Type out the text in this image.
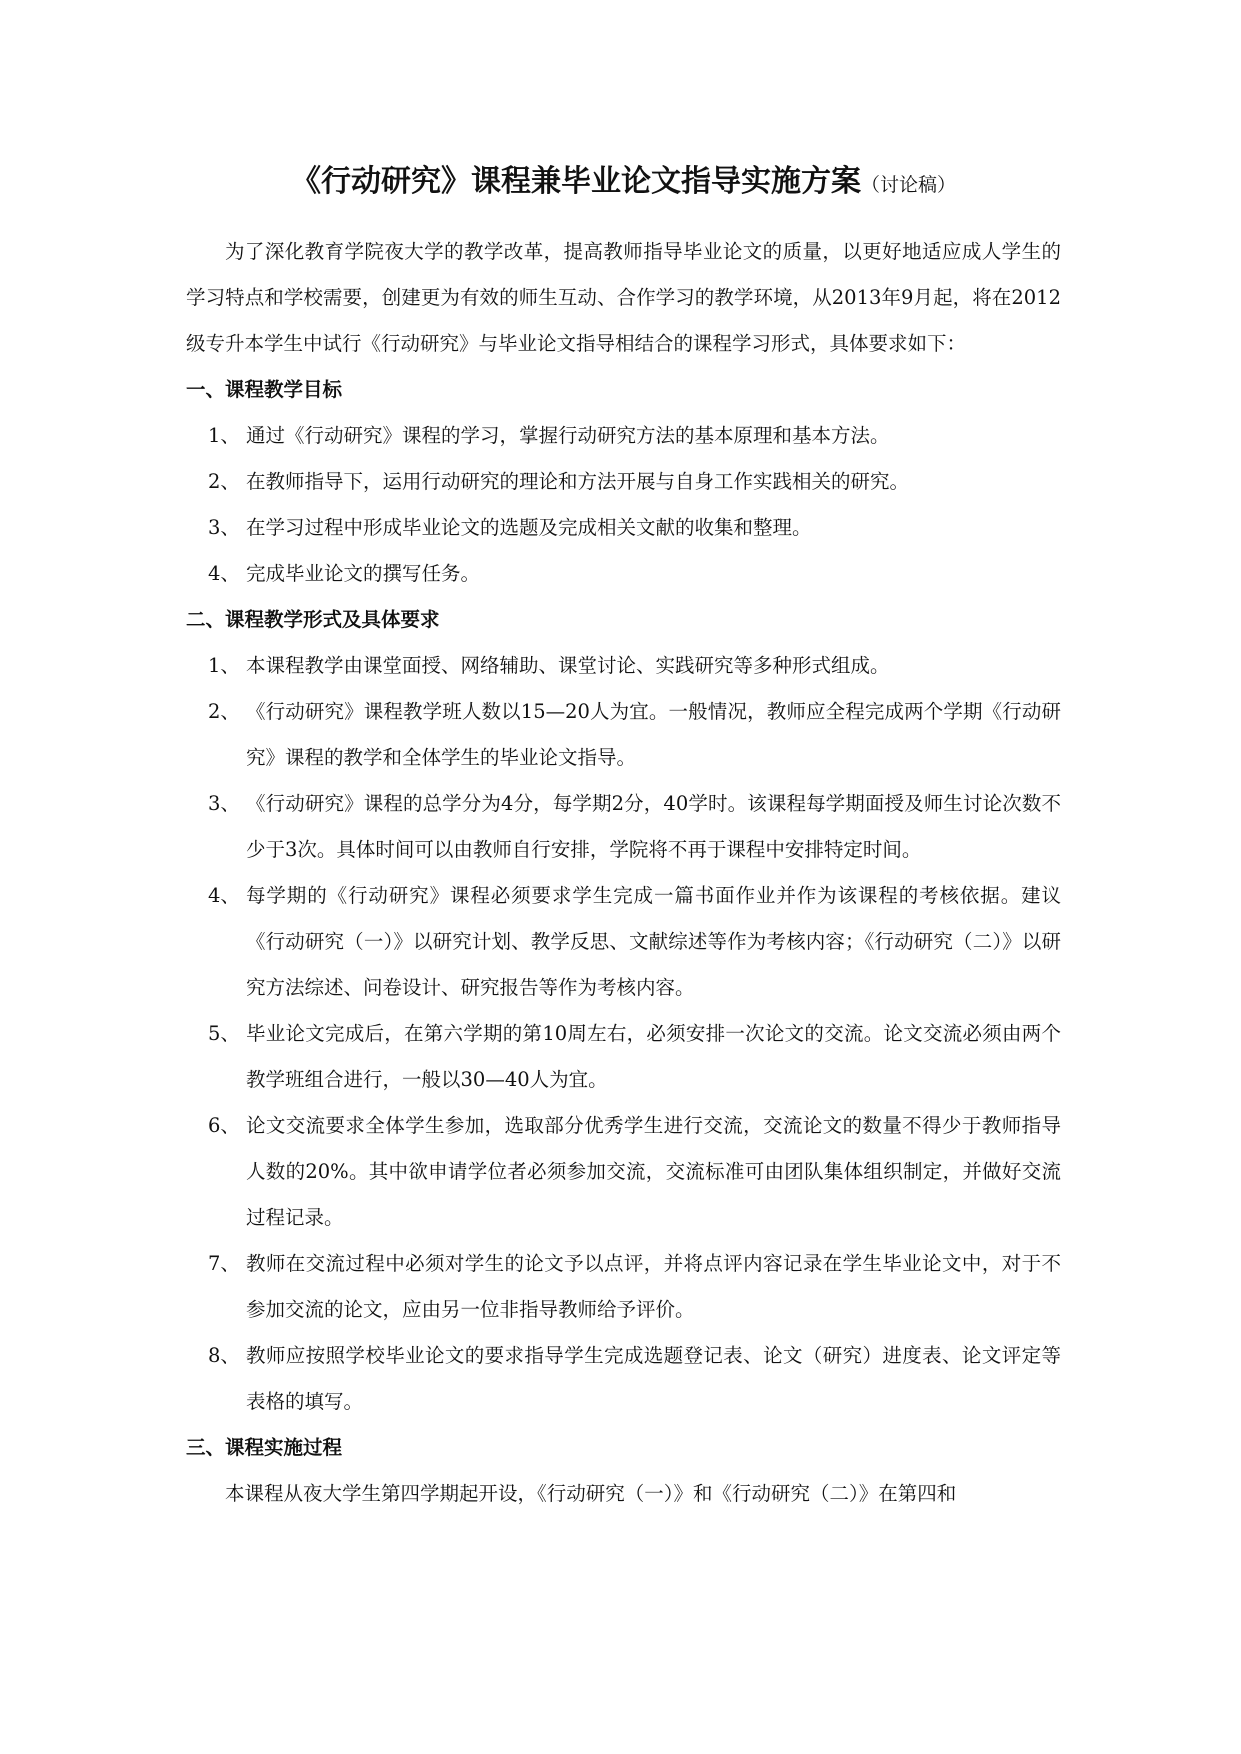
《行动研究》课程兼毕业论文指导实施方案（讨论稿）

为了深化教育学院夜大学的教学改革，提高教师指导毕业论文的质量，以更好地适应成人学生的学习特点和学校需要，创建更为有效的师生互动、合作学习的教学环境，从2013年9月起，将在2012级专升本学生中试行《行动研究》与毕业论文指导相结合的课程学习形式，具体要求如下：

一、课程教学目标
1、 通过《行动研究》课程的学习，掌握行动研究方法的基本原理和基本方法。
2、 在教师指导下，运用行动研究的理论和方法开展与自身工作实践相关的研究。
3、 在学习过程中形成毕业论文的选题及完成相关文献的收集和整理。
4、 完成毕业论文的撰写任务。
二、课程教学形式及具体要求
1、 本课程教学由课堂面授、网络辅助、课堂讨论、实践研究等多种形式组成。
2、 《行动研究》课程教学班人数以15—20人为宜。一般情况，教师应全程完成两个学期《行动研究》课程的教学和全体学生的毕业论文指导。
3、 《行动研究》课程的总学分为4分，每学期2分，40学时。该课程每学期面授及师生讨论次数不少于3次。具体时间可以由教师自行安排，学院将不再于课程中安排特定时间。
4、 每学期的《行动研究》课程必须要求学生完成一篇书面作业并作为该课程的考核依据。建议《行动研究（一）》以研究计划、教学反思、文献综述等作为考核内容；《行动研究（二）》以研究方法综述、问卷设计、研究报告等作为考核内容。
5、 毕业论文完成后，在第六学期的第10周左右，必须安排一次论文的交流。论文交流必须由两个教学班组合进行，一般以30—40人为宜。
6、 论文交流要求全体学生参加，选取部分优秀学生进行交流，交流论文的数量不得少于教师指导人数的20%。其中欲申请学位者必须参加交流，交流标准可由团队集体组织制定，并做好交流过程记录。
7、 教师在交流过程中必须对学生的论文予以点评，并将点评内容记录在学生毕业论文中，对于不参加交流的论文，应由另一位非指导教师给予评价。
8、 教师应按照学校毕业论文的要求指导学生完成选题登记表、论文（研究）进度表、论文评定等表格的填写。
三、课程实施过程

本课程从夜大学生第四学期起开设，《行动研究（一）》和《行动研究（二）》在第四和
